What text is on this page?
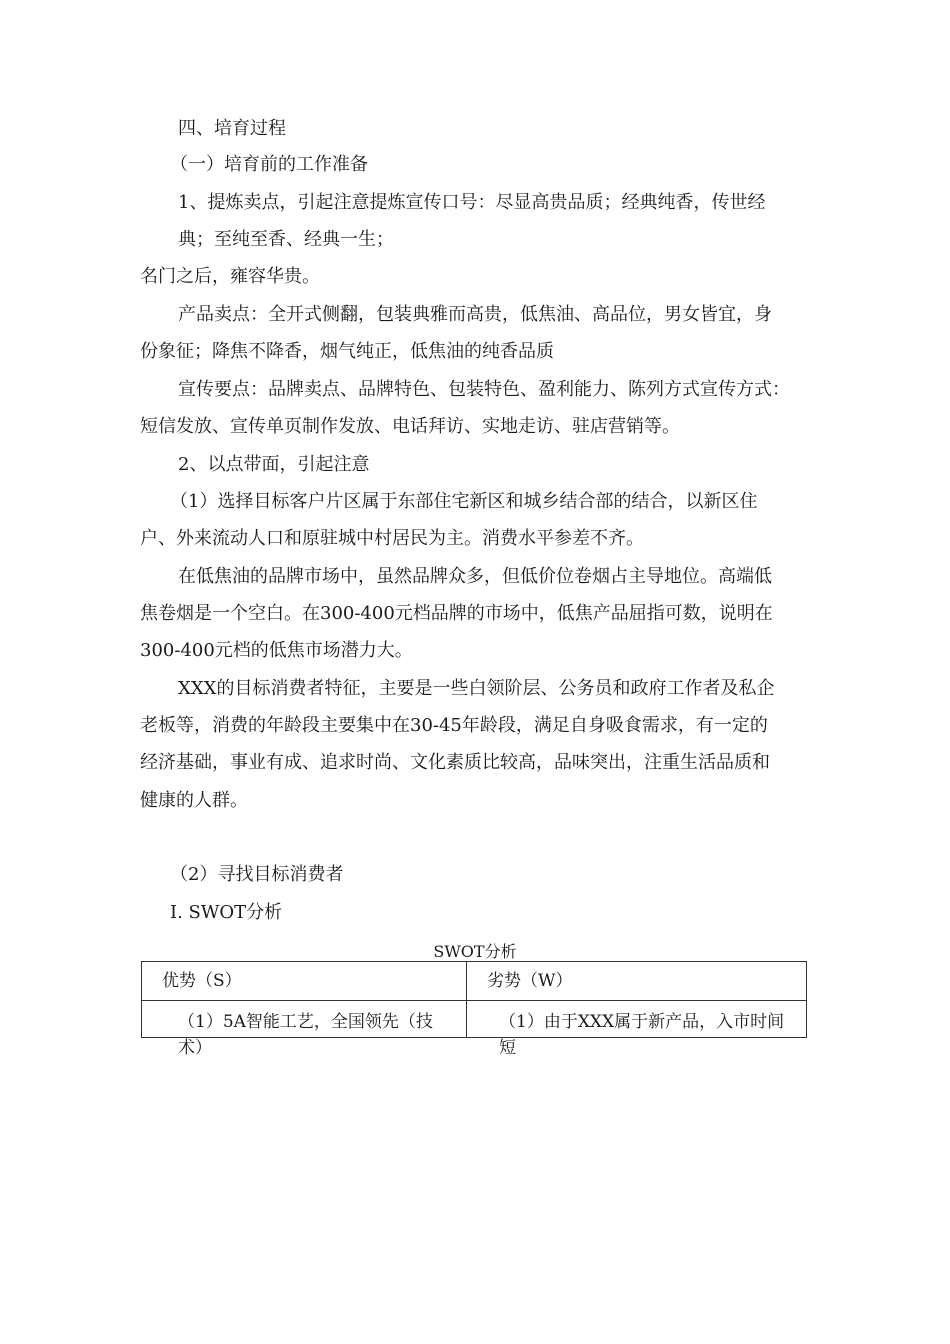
四、培育过程
（一）培育前的工作准备
1、提炼卖点，引起注意提炼宣传口号：尽显高贵品质；经典纯香，传世经
典；至纯至香、经典一生；
名门之后，雍容华贵。
产品卖点：全开式侧翻，包装典雅而高贵，低焦油、高品位，男女皆宜，身
份象征；降焦不降香，烟气纯正，低焦油的纯香品质
宣传要点：品牌卖点、品牌特色、包装特色、盈利能力、陈列方式宣传方式：
短信发放、宣传单页制作发放、电话拜访、实地走访、驻店营销等。
2、以点带面，引起注意
（1）选择目标客户片区属于东部住宅新区和城乡结合部的结合，以新区住
户、外来流动人口和原驻城中村居民为主。消费水平参差不齐。
在低焦油的品牌市场中，虽然品牌众多，但低价位卷烟占主导地位。高端低
焦卷烟是一个空白。在300-400元档品牌的市场中，低焦产品屈指可数，说明在
300-400元档的低焦市场潜力大。
XXX的目标消费者特征，主要是一些白领阶层、公务员和政府工作者及私企
老板等，消费的年龄段主要集中在30-45年龄段，满足自身吸食需求，有一定的
经济基础，事业有成、追求时尚、文化素质比较高，品味突出，注重生活品质和
健康的人群。
（2）寻找目标消费者
I. SWOT分析
SWOT分析
优势（S）	劣势（W）

（1）5A智能工艺，全国领先（技术）	（1）由于XXX属于新产品，入市时间短
